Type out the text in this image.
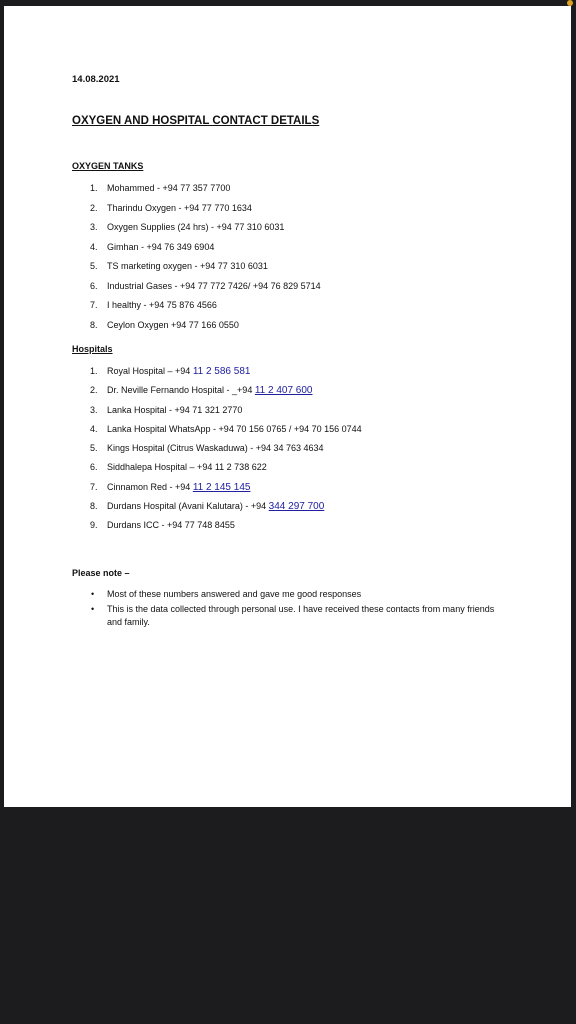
14.08.2021
OXYGEN AND HOSPITAL CONTACT DETAILS
OXYGEN TANKS
1.	Mohammed - +94 77 357 7700
2.	Tharindu Oxygen - +94 77 770 1634
3.	Oxygen Supplies (24 hrs) - +94 77 310 6031
4.	Gimhan - +94 76 349 6904
5.	TS marketing oxygen - +94 77 310 6031
6.	Industrial Gases - +94 77 772 7426/ +94 76 829 5714
7.	I healthy - +94 75 876 4566
8.	Ceylon Oxygen +94 77 166 0550
Hospitals
1.	Royal Hospital – +94 11 2 586 581
2.	Dr. Neville Fernando Hospital - _+94 11 2 407 600
3.	Lanka Hospital - +94 71 321 2770
4.	Lanka Hospital WhatsApp - +94 70 156 0765 / +94 70 156 0744
5.	Kings Hospital (Citrus Waskaduwa) - +94 34 763 4634
6.	Siddhalepa Hospital – +94 11 2 738 622
7.	Cinnamon Red - +94 11 2 145 145
8.	Durdans Hospital (Avani Kalutara) - +94 344 297 700
9.	Durdans ICC - +94 77 748 8455
Please note –
• Most of these numbers answered and gave me good responses
• This is the data collected through personal use. I have received these contacts from many friends and family.
